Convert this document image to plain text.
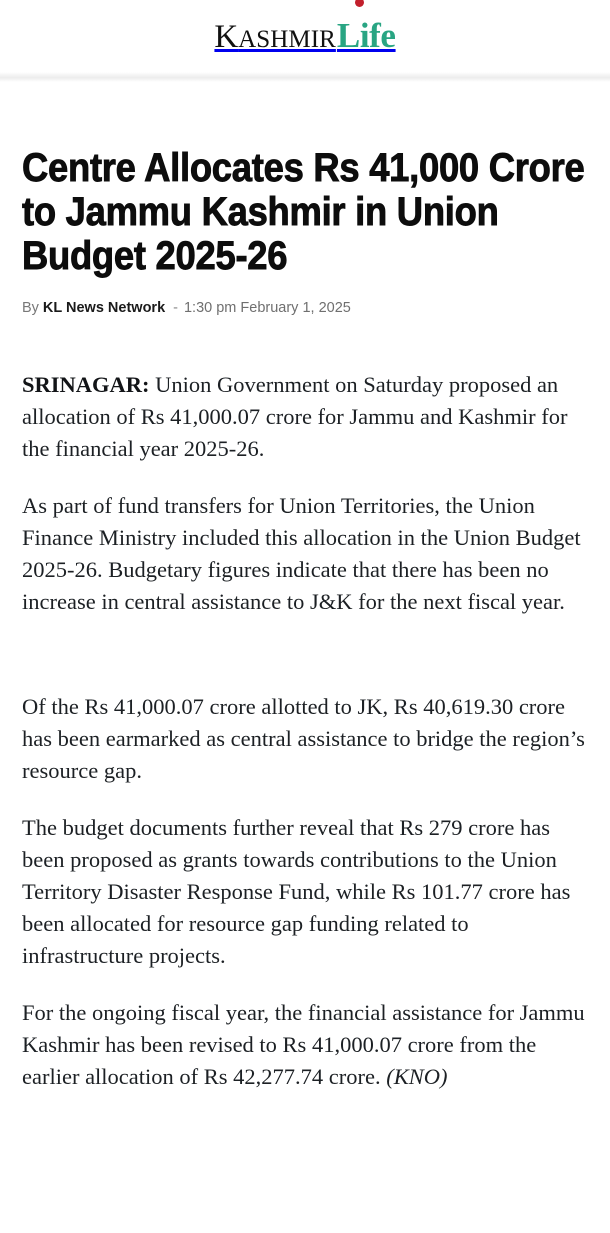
KASHMIR Life
Centre Allocates Rs 41,000 Crore to Jammu Kashmir in Union Budget 2025-26
By KL News Network - 1:30 pm February 1, 2025

SRINAGAR: Union Government on Saturday proposed an allocation of Rs 41,000.07 crore for Jammu and Kashmir for the financial year 2025-26.

As part of fund transfers for Union Territories, the Union Finance Ministry included this allocation in the Union Budget 2025-26. Budgetary figures indicate that there has been no increase in central assistance to J&K for the next fiscal year.

Of the Rs 41,000.07 crore allotted to JK, Rs 40,619.30 crore has been earmarked as central assistance to bridge the region’s resource gap.

The budget documents further reveal that Rs 279 crore has been proposed as grants towards contributions to the Union Territory Disaster Response Fund, while Rs 101.77 crore has been allocated for resource gap funding related to infrastructure projects.

For the ongoing fiscal year, the financial assistance for Jammu Kashmir has been revised to Rs 41,000.07 crore from the earlier allocation of Rs 42,277.74 crore. (KNO)
